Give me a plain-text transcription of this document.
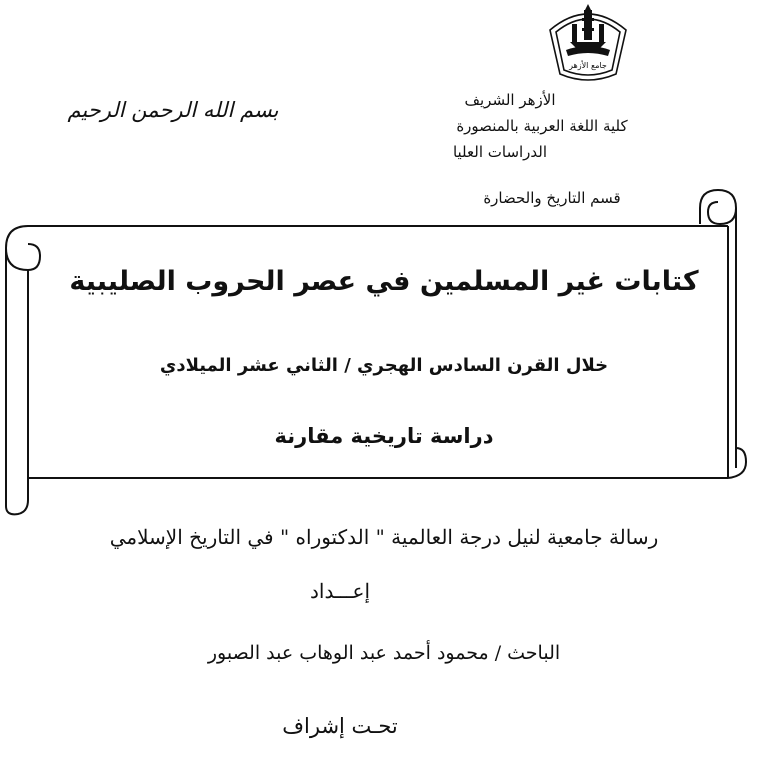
جامع الأزهر
الأزهر الشريف
كلية اللغة العربية بالمنصورة
الدراسات العليا
قسم التاريخ والحضارة
بسم الله الرحمن الرحيم
كتابات غير المسلمين في عصر الحروب الصليبية
خلال القرن السادس الهجري / الثاني عشر الميلادي
دراسة تاريخية مقارنة
رسالة جامعية لنيل درجة العالمية " الدكتوراه " في التاريخ الإسلامي
إعـــداد
الباحث / محمود أحمد عبد الوهاب عبد الصبور
تحـت إشراف
